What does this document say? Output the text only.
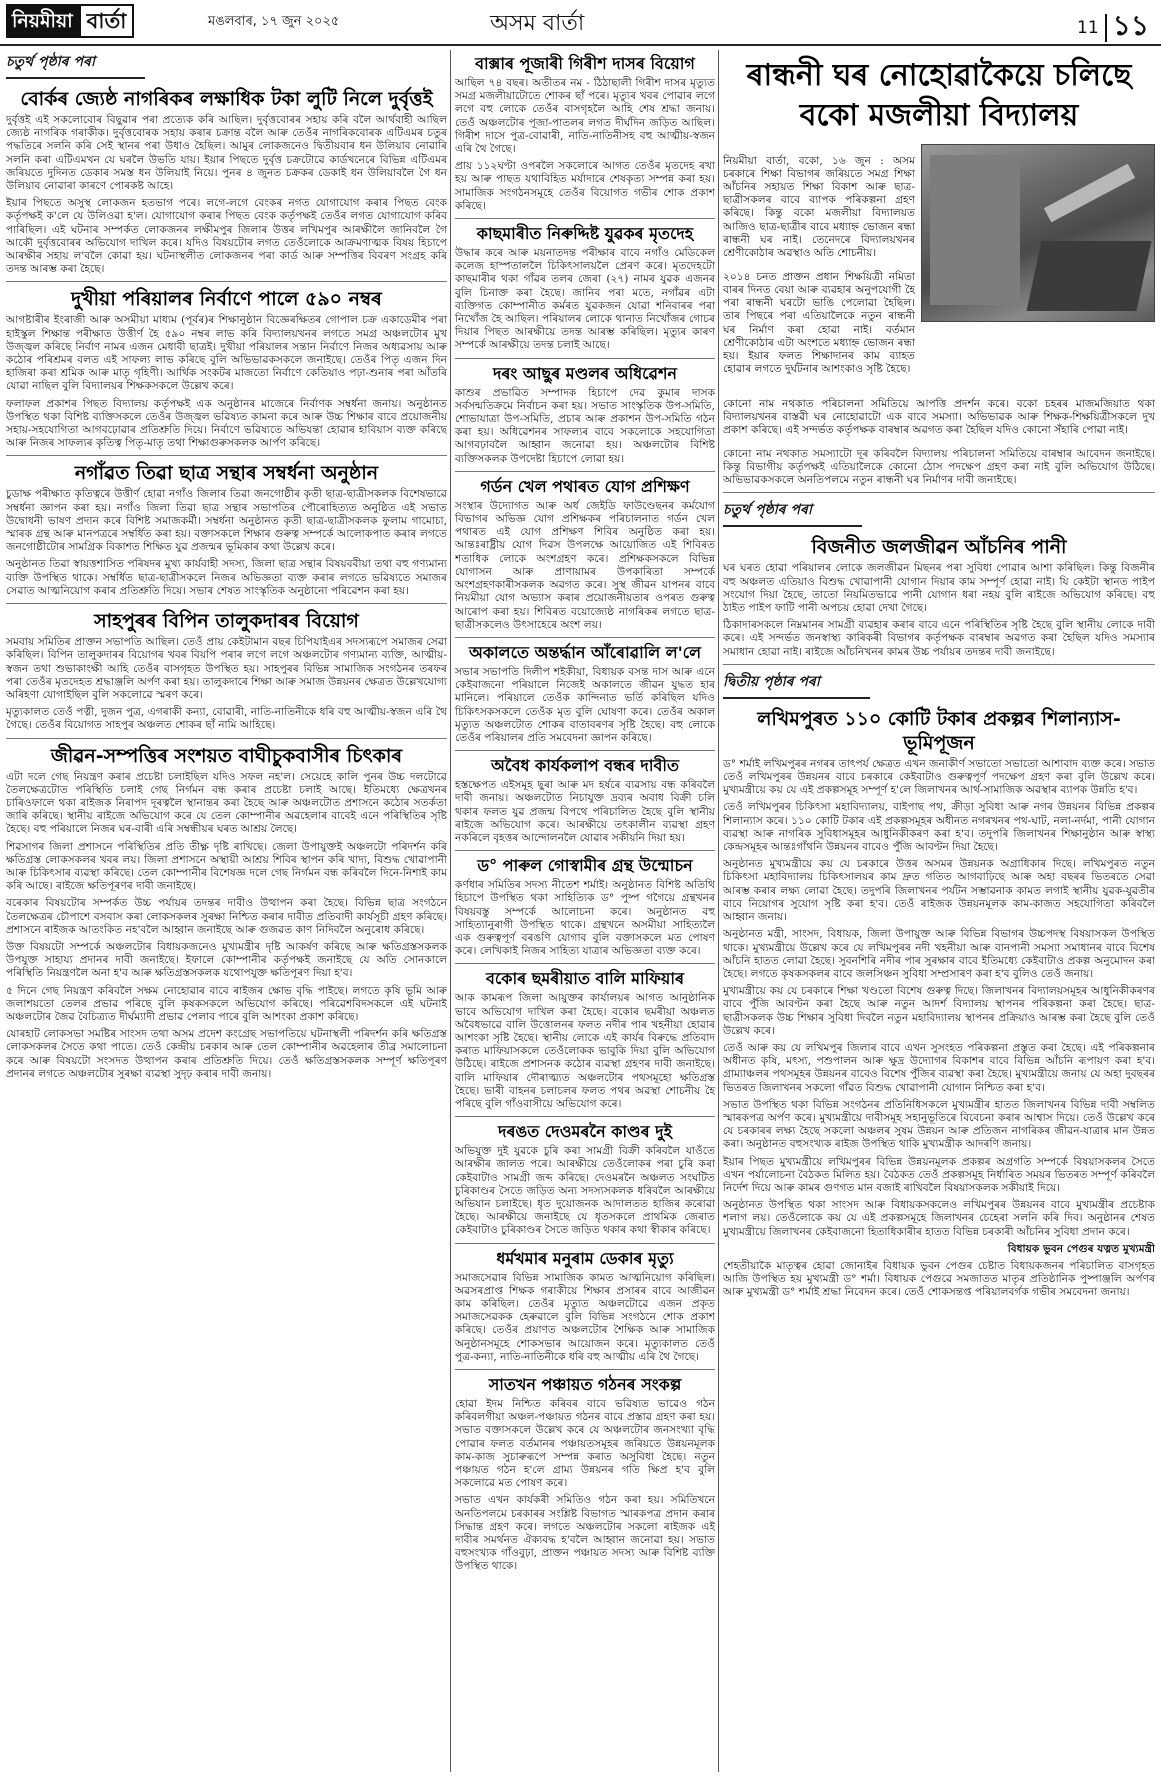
নিয়মীয়া বাৰ্তা	মঙলবাৰ, ১৭ জুন ২০২৫	অসম বাৰ্তা	11 ১১
চতুৰ্থ পৃষ্ঠাৰ পৰা
বোৰ্কৰ জ্যেষ্ঠ নাগৰিকৰ লক্ষাধিক টকা লুটি নিলে দুৰ্বৃত্তই

দুৰ্বৃত্তই এই সকলোবোৰ বিছুৱাৰ পৰা প্ৰত্যেক কৰি আছিল। দুৰ্বৃত্তবোৰৰ সহায় কৰি বলৈ আৰ্থবাহী আছিল জ্যেষ্ঠ নাগৰিক গৰাকীক। দুৰ্বৃত্তবোৰক সহায় কৰাৰ চক্ৰান্ত বলৈ আৰু তেওঁৰ নাগৰিকবোৰক এটিএমৰ চতুৰ পদ্ধতিৰে সলনি কৰি সেই স্থানৰ পৰা উধাও হৈছিল। আমুৰ লোকজনেও দ্বিতীয়বাৰ ধন উলিয়াব নোৱাৰি সলনি কৰা এটিএমখন যে ঘৰলৈ উভতি যায়। ইয়াৰ পিছতে দুৰ্বৃত্ত চক্ৰটোৱে কাৰ্ডখনেৰে বিভিন্ন এটিএমৰ জৰিয়তে দুদিনত ডেকাৰ সমস্ত ধন উলিয়াই নিয়ে। পুনৰ ৪ জুনত চক্ৰকৰ ডেকাই ধন উলিয়াবলৈ গৈ ধন উলিয়াব নোৱাৰা কাৰণে পোৰকষ্ট আহে।

ইয়াৰ পিছতে অসুস্থ লোকজন হতভাগ পৰে। লগে-লগে বেংকৰ নগত যোগাযোগ কৰাৰ পিছত বেংক কৰ্তৃপক্ষই ক'লে যে উলিওৱা হ'ল। যোগাযোগ কৰাৰ পিছত বেংক কৰ্তৃপক্ষই তেওঁৰ লগত যোগাযোগ কৰিব পাৰিছিল। এই ঘটনাৰ সম্পৰ্কত লোকজনৰ লক্ষীমপুৰ জিলাৰ উত্তৰ লখিমপুৰ আৰক্ষীলৈ জানিবলৈ গৈ আকৌ দুৰ্বৃত্তবোৰৰ অভিযোগ দাখিল কৰে। যদিও বিষয়টোৰ লগত তেওঁলোকে আক্ৰমণাত্মক বিষয় হিচাপে আৰক্ষীৰ সহায় ল'বলৈ কোৱা হয়। ঘটনাস্থলীত লোকজনৰ পৰা কাৰ্ড আৰু সম্পত্তিৰ বিবৰণ সংগ্ৰহ কৰি তদন্ত আৰম্ভ কৰা হৈছে।

দুখীয়া পৰিয়ালৰ নিৰ্বাণে পালে ৫৯০ নম্বৰ

আগষ্টাৰীৰ ইংৰাজী আৰু অসমীয়া মাধ্যম (পূৰ্বৰ)ৰ শিক্ষানুষ্ঠান বিজ্ঞেৰক্ষিতৰ গোপাল চক্ৰ একাডেমীৰ পৰা হাইস্কুল শিক্ষান্ত পৰীক্ষাত উত্তীৰ্ণ হৈ ৫৯০ নম্বৰ লাভ কৰি বিদ্যালয়খনৰ লগতে সমগ্ৰ অঞ্চলটোৰ মুখ উজ্জ্বল কৰিছে নিৰ্বাণ নামৰ এজন মেধাবী ছাত্ৰই। দুখীয়া পৰিয়ালৰ সন্তান নিৰ্বাণে নিজৰ অধ্যৱসায় আৰু কঠোৰ পৰিশ্ৰমৰ বলত এই সাফল্য লাভ কৰিছে বুলি অভিভাৱকসকলে জনাইছে। তেওঁৰ পিতৃ এজন দিন হাজিৰা কৰা শ্ৰমিক আৰু মাতৃ গৃহিণী। আৰ্থিক সংকটৰ মাজতো নিৰ্বাণে কেতিয়াও পঢ়া-শুনাৰ পৰা আঁতৰি যোৱা নাছিল বুলি বিদ্যালয়ৰ শিক্ষকসকলে উল্লেখ কৰে।

ফলাফল প্ৰকাশৰ পিছত বিদ্যালয় কৰ্তৃপক্ষই এক অনুষ্ঠানৰ মাজেৰে নিৰ্বাণক সম্বৰ্ধনা জনায়। অনুষ্ঠানত উপস্থিত থকা বিশিষ্ট ব্যক্তিসকলে তেওঁৰ উজ্জ্বল ভৱিষ্যত কামনা কৰে আৰু উচ্চ শিক্ষাৰ বাবে প্ৰয়োজনীয় সহায়-সহযোগিতা আগবঢ়োৱাৰ প্ৰতিশ্ৰুতি দিয়ে। নিৰ্বাণে ভৱিষ্যতে অভিযন্তা হোৱাৰ হাবিয়াস ব্যক্ত কৰিছে আৰু নিজৰ সাফল্যৰ কৃতিত্ব পিতৃ-মাতৃ তথা শিক্ষাগুৰুসকলক আৰ্পণ কৰিছে।

নগাঁৱত তিৱা ছাত্ৰ সন্থাৰ সম্বৰ্ধনা অনুষ্ঠান

চুডাক্ষ পৰীক্ষাত কৃতিত্বৰে উত্তীৰ্ণ হোৱা নগাঁও জিলাৰ তিৱা জনগোষ্ঠীৰ কৃতী ছাত্ৰ-ছাত্ৰীসকলক বিশেষভাৱে সম্বৰ্ধনা জ্ঞাপন কৰা হয়। নগাঁও জিলা তিৱা ছাত্ৰ সন্থাৰ সভাপতিৰ পৌৰোহিত্যত অনুষ্ঠিত এই সভাত উদ্বোধনী ভাষণ প্ৰদান কৰে বিশিষ্ট সমাজকৰ্মী। সম্বৰ্ধনা অনুষ্ঠানত কৃতী ছাত্ৰ-ছাত্ৰীসকলক ফুলাম গামোচা, স্মাৰক গ্ৰন্থ আৰু মানপত্ৰৰে সম্বৰ্ধিত কৰা হয়। বক্তাসকলে শিক্ষাৰ গুৰুত্ব সম্পৰ্কে আলোকপাত কৰাৰ লগতে জনগোষ্ঠীটোৰ সামগ্ৰিক বিকাশত শিক্ষিত যুৱ প্ৰজন্মৰ ভূমিকাৰ কথা উল্লেখ কৰে।

অনুষ্ঠানত তিৱা স্বায়ত্তশাসিত পৰিষদৰ মুখ্য কাৰ্যবাহী সদস্য, জিলা ছাত্ৰ সন্থাৰ বিষয়ববীয়া তথা বহু গণ্যমান্য ব্যক্তি উপস্থিত থাকে। সম্বৰ্ধিত ছাত্ৰ-ছাত্ৰীসকলে নিজৰ অভিজ্ঞতা ব্যক্ত কৰাৰ লগতে ভৱিষ্যতে সমাজৰ সেৱাত আত্মনিয়োগ কৰাৰ প্ৰতিশ্ৰুতি দিয়ে। সভাৰ শেষত সাংস্কৃতিক অনুষ্ঠানো পৰিৱেশন কৰা হয়।

সাহপুৰৰ বিপিন তালুকদাৰৰ বিয়োগ

সমবায় সমিতিৰ প্ৰাক্তন সভাপতি আছিল। তেওঁ প্ৰায় কেইটামান বছৰ চিপিযাইএৰ সদস্যৰূপে সমাজৰ সেৱা কৰিছিল। বিপিন তালুকদাৰৰ বিয়োগৰ খবৰ বিয়পি পৰাৰ লগে লগে অঞ্চলটোৰ গণ্যমান্য ব্যক্তি, আত্মীয়-স্বজন তথা শুভাকাংক্ষী আহি তেওঁৰ বাসগৃহত উপস্থিত হয়। সাহপুৰৰ বিভিন্ন সামাজিক সংগঠনৰ তৰফৰ পৰা তেওঁৰ মৃতদেহত শ্ৰদ্ধাঞ্জলি অৰ্পণ কৰা হয়। তালুকদাৰে শিক্ষা আৰু সমাজ উন্নয়নৰ ক্ষেত্ৰত উল্লেখযোগ্য অৰিহণা যোগাইছিল বুলি সকলোৱে স্মৰণ কৰে।

মৃত্যুকালত তেওঁ পত্নী, দুজন পুত্ৰ, এগৰাকী কন্যা, বোৱাৰী, নাতি-নাতিনীকে ধৰি বহু আত্মীয়-স্বজন এৰি থৈ গৈছে। তেওঁৰ বিয়োগত সাহপুৰ অঞ্চলত শোকৰ ছাঁ নামি আহিছে।

জীৱন-সম্পত্তিৰ সংশয়ত বাঘীচুকবাসীৰ চিৎকাৰ

এটা দলে গেছ নিয়ন্ত্ৰণ কৰাৰ প্ৰচেষ্টা চলাইছিল যদিও সফল নহ'ল। সেয়েহে কালি পুনৰ উচ্চ দলটোৱে তৈলক্ষেত্ৰটোত পৰিস্থিতি চলাই গেছ নিৰ্গমন বন্ধ কৰাৰ প্ৰচেষ্টা চলাই আছে। ইতিমধ্যে ক্ষেত্ৰখনৰ চাৰিওফালে থকা ৰাইজক নিৰাপদ দূৰত্বলৈ স্থানান্তৰ কৰা হৈছে আৰু অঞ্চলটোত প্ৰশাসনে কঠোৰ সতৰ্কতা জাৰি কৰিছে। স্থানীয় ৰাইজে অভিযোগ কৰে যে তেল কোম্পানীৰ অৱহেলাৰ বাবেই এনে পৰিস্থিতিৰ সৃষ্টি হৈছে। বহু পৰিয়ালে নিজৰ ঘৰ-বাৰী এৰি সম্বন্ধীয়ৰ ঘৰত আশ্ৰয় লৈছে।

শিৱসাগৰ জিলা প্ৰশাসনে পৰিস্থিতিৰ প্ৰতি তীক্ষ্ণ দৃষ্টি ৰাখিছে। জেলা উপায়ুক্তই অঞ্চলটো পৰিদৰ্শন কৰি ক্ষতিগ্ৰস্ত লোকসকলৰ খবৰ লয়। জিলা প্ৰশাসনে অস্থায়ী আশ্ৰয় শিবিৰ স্থাপন কৰি খাদ্য, বিশুদ্ধ খোৱাপানী আৰু চিকিৎসাৰ ব্যৱস্থা কৰিছে। তেল কোম্পানীৰ বিশেষজ্ঞ দলে গেছ নিৰ্গমন বন্ধ কৰিবলৈ দিনে-নিশাই কাম কৰি আছে। ৰাইজে ক্ষতিপূৰণৰ দাবী জনাইছে।

বৰেকাৰ বিষয়টোৰ সম্পৰ্কত উচ্চ পৰ্যায়ৰ তদন্তৰ দাবীও উত্থাপন কৰা হৈছে। বিভিন্ন ছাত্ৰ সংগঠনে তৈলক্ষেত্ৰৰ চৌপাশে বসবাস কৰা লোকসকলৰ সুৰক্ষা নিশ্চিত কৰাৰ দাবীত প্ৰতিবাদী কাৰ্যসূচী গ্ৰহণ কৰিছে। প্ৰশাসনে ৰাইজক আতংকিত নহ'বলৈ আহ্বান জনাইছে আৰু গুজৱত কাণ নিদিবলৈ অনুৰোধ কৰিছে।

উক্ত বিষয়টো সম্পৰ্কে অঞ্চলটোৰ বিধায়কজনেও মুখ্যমন্ত্ৰীৰ দৃষ্টি আকৰ্ষণ কৰিছে আৰু ক্ষতিগ্ৰস্তসকলক উপযুক্ত সাহায্য প্ৰদানৰ দাবী জনাইছে। ইফালে কোম্পানীৰ কৰ্তৃপক্ষই জনাইছে যে অতি সোনকালে পৰিস্থিতি নিয়ন্ত্ৰণলৈ অনা হ'ব আৰু ক্ষতিগ্ৰস্তসকলক যথোপযুক্ত ক্ষতিপূৰণ দিয়া হ'ব।

৫ দিনে গেছ নিয়ন্ত্ৰণ কৰিবলৈ সক্ষম নোহোৱাৰ বাবে ৰাইজৰ ক্ষোভ বৃদ্ধি পাইছে। লগতে কৃষি ভূমি আৰু জলাশয়তো তেলৰ প্ৰভাৱ পৰিছে বুলি কৃষকসকলে অভিযোগ কৰিছে। পৰিৱেশবিদসকলে এই ঘটনাই অঞ্চলটোৰ জৈৱ বৈচিত্ৰ্যত দীৰ্ঘম্যাদী প্ৰভাৱ পেলাব পাৰে বুলি আশংকা প্ৰকাশ কৰিছে।

যোৰহাট লোকসভা সমষ্টিৰ সাংসদ তথা অসম প্ৰদেশ কংগ্ৰেছ সভাপতিয়ে ঘটনাস্থলী পৰিদৰ্শন কৰি ক্ষতিগ্ৰস্ত লোকসকলৰ সৈতে কথা পাতে। তেওঁ কেন্দ্ৰীয় চৰকাৰ আৰু তেল কোম্পানীৰ অৱহেলাৰ তীব্ৰ সমালোচনা কৰে আৰু বিষয়টো সংসদত উত্থাপন কৰাৰ প্ৰতিশ্ৰুতি দিয়ে। তেওঁ ক্ষতিগ্ৰস্তসকলক সম্পূৰ্ণ ক্ষতিপূৰণ প্ৰদানৰ লগতে অঞ্চলটোৰ সুৰক্ষা ব্যৱস্থা সুদৃঢ় কৰাৰ দাবী জনায়।

বাক্সাৰ পূজাৰী গিৰীশ দাসৰ বিয়োগ

আছিল ৭৪ বছৰ। অতীতৰ নম - ঠিঠাছালী গিৰীশ দাসৰ মৃত্যুত সমগ্ৰ মজলীয়াটোতে শোকৰ ছাঁ পৰে। মৃত্যুৰ খবৰ পোৱাৰ লগে লগে বহু লোকে তেওঁৰ বাসগৃহলৈ আহি শেষ শ্ৰদ্ধা জনায়। তেওঁ অঞ্চলটোৰ পূজা-পাতলৰ লগত দীৰ্ঘদিন জড়িত আছিল। গিৰীশ দাসে পুত্ৰ-বোৱাৰী, নাতি-নাতিনীসহ বহু আত্মীয়-স্বজন এৰি থৈ গৈছে।

প্ৰায় ১১২ঘণ্টা ওপৰলৈ সকলোৰে আগত তেওঁৰ মৃতদেহ ৰখা হয় আৰু পাছত যথাবিহিত মৰ্যাদাৰে শেষকৃত্য সম্পন্ন কৰা হয়। সামাজিক সংগঠনসমূহে তেওঁৰ বিয়োগত গভীৰ শোক প্ৰকাশ কৰিছে।

কাছমাৰীত নিৰুদ্দিষ্ট যুৱকৰ মৃতদেহ

উদ্ধাৰ কৰে আৰু ময়নাতদন্ত পৰীক্ষাৰ বাবে নগাঁও মেডিকেল কলেজ হাস্পতাললৈ চিকিৎসালয়লৈ প্ৰেৰণ কৰে। মৃতদেহটো কাছমাৰীৰ থকা গাঁৱৰ তলৰ জেৰা (২৭) নামৰ যুৱক এজনৰ বুলি চিনাক্ত কৰা হৈছে। জানিব পৰা মতে, নগাঁৱৰ এটা ব্যক্তিগত কোম্পানীত কৰ্মৰত যুৱকজন যোৱা শনিবাৰৰ পৰা নিখোঁজ হৈ আছিল। পৰিয়ালৰ লোকে থানাত নিখোঁজৰ গোচৰ দিয়াৰ পিছত আৰক্ষীয়ে তদন্ত আৰম্ভ কৰিছিল। মৃত্যুৰ কাৰণ সম্পৰ্কে আৰক্ষীয়ে তদন্ত চলাই আছে।

দৰং আছুৰ মণ্ডলৰ অধিৱেশন

কাশুৰ প্ৰভাৱিত সম্পাদক হিচাপে দেৱ কুমাৰ দাসক সৰ্বসন্মতিক্ৰমে নিৰ্বাচন কৰা হয়। সভাত সাংস্কৃতিক উপ-সমিতি, শোভাযাত্ৰা উপ-সমিতি, প্ৰচাৰ আৰু প্ৰকাশন উপ-সমিতি গঠন কৰা হয়। অধিৱেশনৰ সাফল্যৰ বাবে সকলোকে সহযোগিতা আগবঢ়াবলৈ আহ্বান জনোৱা হয়। অঞ্চলটোৰ বিশিষ্ট ব্যক্তিসকলক উপদেষ্টা হিচাপে লোৱা হয়।

গৰ্ডন খেল পথাৰত যোগ প্ৰশিক্ষণ

সংস্থাৰ উদ্যোগত আৰু অৰ্ধ জেইডি ফাউণ্ডেছনৰ কৰ্মযোগ বিভাগৰ অভিজ্ঞ যোগ প্ৰশিক্ষকৰ পৰিচালনাত গৰ্ডন খেল পথাৰত এই যোগ প্ৰশিক্ষণ শিবিৰ অনুষ্ঠিত কৰা হয়। আন্তঃৰাষ্ট্ৰীয় যোগ দিৱস উপলক্ষে আয়োজিত এই শিবিৰত শতাধিক লোকে অংশগ্ৰহণ কৰে। প্ৰশিক্ষকসকলে বিভিন্ন যোগাসন আৰু প্ৰাণায়ামৰ উপকাৰিতা সম্পৰ্কে অংশগ্ৰহণকাৰীসকলক অৱগত কৰে। সুস্থ জীৱন যাপনৰ বাবে নিয়মীয়া যোগ অভ্যাস কৰাৰ প্ৰয়োজনীয়তাৰ ওপৰত গুৰুত্ব আৰোপ কৰা হয়। শিবিৰত বয়োজ্যেষ্ঠ নাগৰিকৰ লগতে ছাত্ৰ-ছাত্ৰীসকলেও উৎসাহেৰে অংশ লয়।

অকালতে অন্তৰ্দ্ধান আঁৰোৱালি ল'লে

সভাৰ সভাপতি দিলীপ শইকীয়া, বিধায়ক বসন্ত দাস আৰু এনে কেইবাজনো পৰিয়ালে নিজেই অকালতে জীৱন যুদ্ধত হাৰ মানিলে। পৰিয়ালে তেওঁক কান্দিনাত ভৰ্তি কৰিছিল যদিও চিকিৎসকসকলে তেওঁক মৃত বুলি ঘোষণা কৰে। তেওঁৰ অকাল মৃত্যুত অঞ্চলটোত শোকৰ বাতাবৰণৰ সৃষ্টি হৈছে। বহু লোকে তেওঁৰ পৰিয়ালৰ প্ৰতি সমবেদনা জ্ঞাপন কৰিছে।

অবৈধ কাৰ্যকলাপ বন্ধৰ দাবীত

হস্তক্ষেপত এইসমূহ ছুৰা আৰু মদ হৰ্ষৰে ব্যৱসায় বন্ধ কৰিবলৈ দাবী জনায়। অঞ্চলটোত নিচাযুক্ত দ্ৰব্যৰ অবাধ বিক্ৰী চলি থকাৰ ফলত যুৱ প্ৰজন্ম বিপথে পৰিচালিত হৈছে বুলি স্থানীয় ৰাইজে অভিযোগ কৰে। আৰক্ষীয়ে তৎকালীন ব্যৱস্থা গ্ৰহণ নকৰিলে বৃহত্তৰ আন্দোলনলৈ যোৱাৰ সকীয়নি দিয়া হয়।

ড° পাৰুল গোস্বামীৰ গ্ৰন্থ উন্মোচন

কৰ্ণধাৰ সমিতিৰ সদস্য নীতেশ শৰ্মাই। অনুষ্ঠানত বিশিষ্ট অতিথি হিচাপে উপস্থিত থকা সাহিত্যিক ড° পুষ্প গগৈয়ে গ্ৰন্থখনৰ বিষয়বস্তু সম্পৰ্কে আলোচনা কৰে। অনুষ্ঠানত বহু সাহিত্যানুৰাগী উপস্থিত থাকে। গ্ৰন্থখনে অসমীয়া সাহিত্যলৈ এক গুৰুত্বপূৰ্ণ বৰঙণি যোগাব বুলি বক্তাসকলে মত পোষণ কৰে। লেখিকাই নিজৰ সাহিত্য যাত্ৰাৰ অভিজ্ঞতা ব্যক্ত কৰে।

বকোৰ ছমৰীয়াত বালি মাফিয়াৰ

আক কামৰূপ জিলা আয়ুক্তৰ কাৰ্যালয়ৰ আগত আনুষ্ঠানিক ভাবে অভিযোগ দাখিল কৰা হৈছে। বকোৰ ছমৰীয়া অঞ্চলত অবৈধভাৱে বালি উত্তোলনৰ ফলত নদীৰ পাৰ খহনীয়া হোৱাৰ আশংকা সৃষ্টি হৈছে। স্থানীয় লোকে এই কাৰ্যৰ বিৰুদ্ধে প্ৰতিবাদ কৰাত মাফিয়াসকলে তেওঁলোকক ভাবুকি দিয়া বুলি অভিযোগ উঠিছে। ৰাইজে প্ৰশাসনক কঠোৰ ব্যৱস্থা গ্ৰহণৰ দাবী জনাইছে। বালি মাফিয়াৰ দৌৰাত্ম্যত অঞ্চলটোৰ পথসমূহো ক্ষতিগ্ৰস্ত হৈছে। ভাৰী বাহনৰ চলাচলৰ ফলত পথৰ অৱস্থা শোচনীয় হৈ পৰিছে বুলি গাঁওবাসীয়ে অভিযোগ কৰে।

দৰঙত দেওমৰনৈ কাণ্ডৰ দুই

অভিযুক্ত দুই যুৱকে চুৰি কৰা সামগ্ৰী বিক্ৰী কৰিবলৈ যাওঁতে আৰক্ষীৰ জালত পৰে। আৰক্ষীয়ে তেওঁলোকৰ পৰা চুৰি কৰা কেইবাটাও সামগ্ৰী জব্দ কৰিছে। দেওমৰনৈ অঞ্চলত সংঘটিত চুৰিকাণ্ডৰ সৈতে জড়িত অন্য সদস্যসকলক ধৰিবলৈ আৰক্ষীয়ে অভিযান চলাইছে। ধৃত দুয়োজনক আদালতত হাজিৰ কৰোৱা হৈছে। আৰক্ষীয়ে জনাইছে যে ধৃতসকলে প্ৰাথমিক জেৰাত কেইবাটাও চুৰিকাণ্ডৰ সৈতে জড়িত থকাৰ কথা স্বীকাৰ কৰিছে।

ধৰ্মখমাৰ মনুৰাম ডেকাৰ মৃত্যু

সমাজসেৱাৰ বিভিন্ন সামাজিক কামত আত্মনিয়োগ কৰিছিল। অৱসৰপ্ৰাপ্ত শিক্ষক গৰাকীয়ে শিক্ষাৰ প্ৰসাৰৰ বাবে আজীৱন কাম কৰিছিল। তেওঁৰ মৃত্যুত অঞ্চলটোৱে এজন প্ৰকৃত সমাজসেৱকক হেৰুৱালে বুলি বিভিন্ন সংগঠনে শোক প্ৰকাশ কৰিছে। তেওঁৰ প্ৰয়াণত অঞ্চলটোৰ শৈক্ষিক আৰু সামাজিক অনুষ্ঠানসমূহে শোকসভাৰ আয়োজন কৰে। মৃত্যুকালত তেওঁ পুত্ৰ-কন্যা, নাতি-নাতিনীকে ধৰি বহু আত্মীয় এৰি থৈ গৈছে।

সাতখন পঞ্চায়ত গঠনৰ সংকল্প

হোৱা ইদম নিশ্চিত কৰিবৰ বাবে ভৱিষ্যত ভাৱেও গঠন কৰিবলগীয়া অঞ্চল-পঞ্চায়ত গঠনৰ বাবে প্ৰস্তাৱ গ্ৰহণ কৰা হয়। সভাত বক্তাসকলে উল্লেখ কৰে যে অঞ্চলটোৰ জনসংখ্যা বৃদ্ধি পোৱাৰ ফলত বৰ্তমানৰ পঞ্চায়তসমূহৰ জৰিয়তে উন্নয়নমূলক কাম-কাজ সুচাৰুৰূপে সম্পন্ন কৰাত অসুবিধা হৈছে। নতুন পঞ্চায়ত গঠন হ'লে গ্ৰাম্য উন্নয়নৰ গতি ক্ষিপ্ৰ হ'ব বুলি সকলোৱে মত পোষণ কৰে।

সভাত এখন কাৰ্যকৰী সমিতিও গঠন কৰা হয়। সমিতিখনে অনতিপলমে চৰকাৰৰ সংশ্লিষ্ট বিভাগত স্মাৰকপত্ৰ প্ৰদান কৰাৰ সিদ্ধান্ত গ্ৰহণ কৰে। লগতে অঞ্চলটোৰ সকলো ৰাইজক এই দাবীৰ সমৰ্থনত ঐক্যবদ্ধ হ'বলৈ আহ্বান জনোৱা হয়। সভাত বহুসংখ্যক গাঁওবুঢ়া, প্ৰাক্তন পঞ্চায়ত সদস্য আৰু বিশিষ্ট ব্যক্তি উপস্থিত থাকে।

ৰান্ধনী ঘৰ নোহোৱাকৈয়ে চলিছে বকো মজলীয়া বিদ্যালয়

নিয়মীয়া বাৰ্তা, বকো, ১৬ জুন : অসম চৰকাৰে শিক্ষা বিভাগৰ জৰিয়তে সমগ্ৰ শিক্ষা আঁচনিৰ সহায়ত শিক্ষা বিকাশ আৰু ছাত্ৰ-ছাত্ৰীসকলৰ বাবে ব্যাপক পৰিকল্পনা গ্ৰহণ কৰিছে। কিন্তু বকো মজলীয়া বিদ্যালয়ত আজিও ছাত্ৰ-ছাত্ৰীৰ বাবে মধ্যাহ্ন ভোজন ৰন্ধা ৰান্ধনী ঘৰ নাই। তেনেদৰে বিদ্যালয়খনৰ শ্ৰেণীকোঠাৰ অৱস্থাও অতি শোচনীয়।

২০১৪ চনত প্ৰাক্তন প্ৰধান শিক্ষয়িত্ৰী নমিতা বাৰৰ দিনত বেয়া আৰু ব্যৱহাৰ অনুপযোগী হৈ পৰা ৰান্ধনী ঘৰটো ভাঙি পেলোৱা হৈছিল। তাৰ পিছৰে পৰা এতিয়ালৈকে নতুন ৰান্ধনী ঘৰ নিৰ্মাণ কৰা হোৱা নাই। বৰ্তমান শ্ৰেণীকোঠাৰ এটা অংশতে মধ্যাহ্ন ভোজন ৰন্ধা হয়। ইয়াৰ ফলত শিক্ষাদানৰ কাম ব্যাহত হোৱাৰ লগতে দুৰ্ঘটনাৰ আশংকাও সৃষ্টি হৈছে।

কোনো নাম নথকাত পৰিচালনা সমিতিয়ে আপত্তি প্ৰদৰ্শন কৰে। বকো চহৰৰ মাজমজিয়াত থকা বিদ্যালয়খনৰ বাস্তৱী ঘৰ নোহোৱাটো এক বাবে সমস্যা। অভিভাৱক আৰু শিক্ষক-শিক্ষয়িত্ৰীসকলে দুখ প্ৰকাশ কৰিছে। এই সন্দৰ্ভত কৰ্তৃপক্ষক বাৰম্বাৰ অৱগত কৰা হৈছিল যদিও কোনো সঁহাৰি পোৱা নাই।

কোনো নাম নথকাত সমস্যাটো দূৰ কৰিবলৈ বিদ্যালয় পৰিচালনা সমিতিয়ে বাৰম্বাৰ আবেদন জনাইছে। কিন্তু বিভাগীয় কৰ্তৃপক্ষই এতিয়ালৈকে কোনো ঠোস পদক্ষেপ গ্ৰহণ কৰা নাই বুলি অভিযোগ উঠিছে। অভিভাৱকসকলে অনতিপলমে নতুন ৰান্ধনী ঘৰ নিৰ্মাণৰ দাবী জনাইছে।

চতুৰ্থ পৃষ্ঠাৰ পৰা
বিজনীত জলজীৱন আঁচনিৰ পানী

ঘৰ ঘৰত হোৱা পৰিয়ালৰ লোকে জলজীৱন মিছনৰ পৰা সুবিধা পোৱাৰ আশা কৰিছিল। কিন্তু বিজনীৰ বহু অঞ্চলত এতিয়াও বিশুদ্ধ খোৱাপানী যোগান দিয়াৰ কাম সম্পূৰ্ণ হোৱা নাই। যি কেইটা স্থানত পাইপ সংযোগ দিয়া হৈছে, তাতো নিয়মিতভাৱে পানী যোগান ধৰা নহয় বুলি ৰাইজে অভিযোগ কৰিছে। বহু ঠাইত পাইপ ফাটি পানী অপচয় হোৱা দেখা গৈছে।

ঠিকাদাৰসকলে নিম্নমানৰ সামগ্ৰী ব্যৱহাৰ কৰাৰ বাবে এনে পৰিস্থিতিৰ সৃষ্টি হৈছে বুলি স্থানীয় লোকে দাবী কৰে। এই সন্দৰ্ভত জনস্বাস্থ্য কাৰিকৰী বিভাগৰ কৰ্তৃপক্ষক বাৰম্বাৰ অৱগত কৰা হৈছিল যদিও সমস্যাৰ সমাধান হোৱা নাই। ৰাইজে আঁচনিখনৰ কামৰ উচ্চ পৰ্যায়ৰ তদন্তৰ দাবী জনাইছে।

দ্বিতীয় পৃষ্ঠাৰ পৰা
লখিমপুৰত ১১০ কোটি টকাৰ প্ৰকল্পৰ শিলান্যাস-ভূমিপূজন

ড° শৰ্মাই লখিমপুৰৰ নগৰৰ তাৎপৰ্য ক্ষেত্ৰত এখন জনাকীৰ্ণ সভাতো সভাতো আশাবাদ ব্যক্ত কৰে। সভাত তেওঁ লখিমপুৰৰ উন্নয়নৰ বাবে চৰকাৰে কেইবাটাও গুৰুত্বপূৰ্ণ পদক্ষেপ গ্ৰহণ কৰা বুলি উল্লেখ কৰে। মুখ্যমন্ত্ৰীয়ে কয় যে এই প্ৰকল্পসমূহ সম্পূৰ্ণ হ'লে জিলাখনৰ আৰ্থ-সামাজিক অৱস্থাৰ ব্যাপক উন্নতি হ'ব।

তেওঁ লখিমপুৰৰ চিকিৎসা মহাবিদ্যালয়, বাইপাছ পথ, ক্ৰীড়া সুবিধা আৰু নগৰ উন্নয়নৰ বিভিন্ন প্ৰকল্পৰ শিলান্যাস কৰে। ১১০ কোটি টকাৰ এই প্ৰকল্পসমূহৰ অধীনত নগৰখনৰ পথ-ঘাট, নলা-নৰ্দমা, পানী যোগান ব্যৱস্থা আৰু নাগৰিক সুবিধাসমূহৰ আধুনিকীকৰণ কৰা হ'ব। তদুপৰি জিলাখনৰ শিক্ষানুষ্ঠান আৰু স্বাস্থ্য কেন্দ্ৰসমূহৰ আন্তঃগাঁথনি উন্নয়নৰ বাবেও পুঁজি আবণ্টন দিয়া হৈছে।

অনুষ্ঠানত মুখ্যমন্ত্ৰীয়ে কয় যে চৰকাৰে উত্তৰ অসমৰ উন্নয়নক অগ্ৰাধিকাৰ দিছে। লখিমপুৰত নতুন চিকিৎসা মহাবিদ্যালয় চিকিৎসালয়ৰ কাম দ্ৰুত গতিত আগবাঢ়িছে আৰু অহা বছৰৰ ভিতৰতে সেৱা আৰম্ভ কৰাৰ লক্ষ্য লোৱা হৈছে। তদুপৰি জিলাখনৰ পৰ্যটন সম্ভাৱনাক কামত লগাই স্থানীয় যুৱক-যুৱতীৰ বাবে নিয়োগৰ সুযোগ সৃষ্টি কৰা হ'ব। তেওঁ ৰাইজক উন্নয়নমূলক কাম-কাজত সহযোগিতা কৰিবলৈ আহ্বান জনায়।

অনুষ্ঠানত মন্ত্ৰী, সাংসদ, বিধায়ক, জিলা উপায়ুক্ত আৰু বিভিন্ন বিভাগৰ উচ্চপদস্থ বিষয়াসকল উপস্থিত থাকে। মুখ্যমন্ত্ৰীয়ে উল্লেখ কৰে যে লখিমপুৰৰ নদী খহনীয়া আৰু বানপানী সমস্যা সমাধানৰ বাবে বিশেষ আঁচনি হাতত লোৱা হৈছে। সুবনশিৰি নদীৰ পাৰ সুৰক্ষাৰ বাবে ইতিমধ্যে কেইবাটাও প্ৰকল্প অনুমোদন কৰা হৈছে। লগতে কৃষকসকলৰ বাবে জলসিঞ্চন সুবিধা সম্প্ৰসাৰণ কৰা হ'ব বুলিও তেওঁ জনায়।

মুখ্যমন্ত্ৰীয়ে কয় যে চৰকাৰে শিক্ষা খণ্ডতো বিশেষ গুৰুত্ব দিছে। জিলাখনৰ বিদ্যালয়সমূহৰ আধুনিকীকৰণৰ বাবে পুঁজি আবণ্টন কৰা হৈছে আৰু নতুন আদৰ্শ বিদ্যালয় স্থাপনৰ পৰিকল্পনা কৰা হৈছে। ছাত্ৰ-ছাত্ৰীসকলক উচ্চ শিক্ষাৰ সুবিধা দিবলৈ নতুন মহাবিদ্যালয় স্থাপনৰ প্ৰক্ৰিয়াও আৰম্ভ কৰা হৈছে বুলি তেওঁ উল্লেখ কৰে।

তেওঁ আৰু কয় যে লখিমপুৰ জিলাৰ বাবে এখন সুসংহত পৰিকল্পনা প্ৰস্তুত কৰা হৈছে। এই পৰিকল্পনাৰ অধীনত কৃষি, মৎস্য, পশুপালন আৰু ক্ষুদ্ৰ উদ্যোগৰ বিকাশৰ বাবে বিভিন্ন আঁচনি ৰূপায়ণ কৰা হ'ব। গ্ৰাম্যাঞ্চলৰ পথসমূহৰ উন্নয়নৰ বাবেও বিশেষ পুঁজিৰ ব্যৱস্থা কৰা হৈছে। মুখ্যমন্ত্ৰীয়ে জনায় যে অহা দুবছৰৰ ভিতৰত জিলাখনৰ সকলো গাঁৱত বিশুদ্ধ খোৱাপানী যোগান নিশ্চিত কৰা হ'ব।

সভাত উপস্থিত থকা বিভিন্ন সংগঠনৰ প্ৰতিনিধিসকলে মুখ্যমন্ত্ৰীৰ হাতত জিলাখনৰ বিভিন্ন দাবী সম্বলিত স্মাৰকপত্ৰ অৰ্পণ কৰে। মুখ্যমন্ত্ৰীয়ে দাবীসমূহ সহানুভূতিৰে বিবেচনা কৰাৰ আশ্বাস দিয়ে। তেওঁ উল্লেখ কৰে যে চৰকাৰৰ লক্ষ্য হৈছে সকলো অঞ্চলৰ সুষম উন্নয়ন আৰু প্ৰতিজন নাগৰিকৰ জীৱন-যাত্ৰাৰ মান উন্নত কৰা। অনুষ্ঠানত বহুসংখ্যক ৰাইজ উপস্থিত থাকি মুখ্যমন্ত্ৰীক আদৰণি জনায়।

ইয়াৰ পিছত মুখ্যমন্ত্ৰীয়ে লখিমপুৰৰ বিভিন্ন উন্নয়নমূলক প্ৰকল্পৰ অগ্ৰগতি সম্পৰ্কে বিষয়াসকলৰ সৈতে এখন পৰ্যালোচনা বৈঠকত মিলিত হয়। বৈঠকত তেওঁ প্ৰকল্পসমূহ নিৰ্ধাৰিত সময়ৰ ভিতৰত সম্পূৰ্ণ কৰিবলৈ নিৰ্দেশ দিয়ে আৰু কামৰ গুণগত মান বজাই ৰাখিবলৈ বিষয়াসকলক সকীয়াই দিয়ে।

অনুষ্ঠানত উপস্থিত থকা সাংসদ আৰু বিধায়কসকলেও লখিমপুৰৰ উন্নয়নৰ বাবে মুখ্যমন্ত্ৰীৰ প্ৰচেষ্টাক শলাগ লয়। তেওঁলোকে কয় যে এই প্ৰকল্পসমূহে জিলাখনৰ চেহেৰা সলনি কৰি দিব। অনুষ্ঠানৰ শেষত মুখ্যমন্ত্ৰীয়ে জিলাখনৰ কেইবাজনো হিতাধিকাৰীৰ হাতত বিভিন্ন চৰকাৰী আঁচনিৰ সুবিধা প্ৰদান কৰে।

বিধায়ক ভুবন পেগুৰ যত্নত মুখ্যমন্ত্ৰী

শেহতীয়াকৈ মাতৃত্বৰ হোৱা জোনাইৰ বিধায়ক ভুবন পেগুৰ চেষ্টাত বিধায়কজনৰ পৰিচালিত বাসগৃহত আজি উপস্থিত হয় মুখ্যমন্ত্ৰী ড° শৰ্মা। বিধায়ক পেগুৱে সমজাতত মাতৃৰ প্ৰতিষ্ঠানিক পুষ্পাঞ্জলি অৰ্পণৰ আৰু মুখ্যমন্ত্ৰী ড° শৰ্মাই শ্ৰদ্ধা নিবেদন কৰে। তেওঁ শোকসন্তপ্ত পৰিয়ালবৰ্গক গভীৰ সমবেদনা জনায়।
